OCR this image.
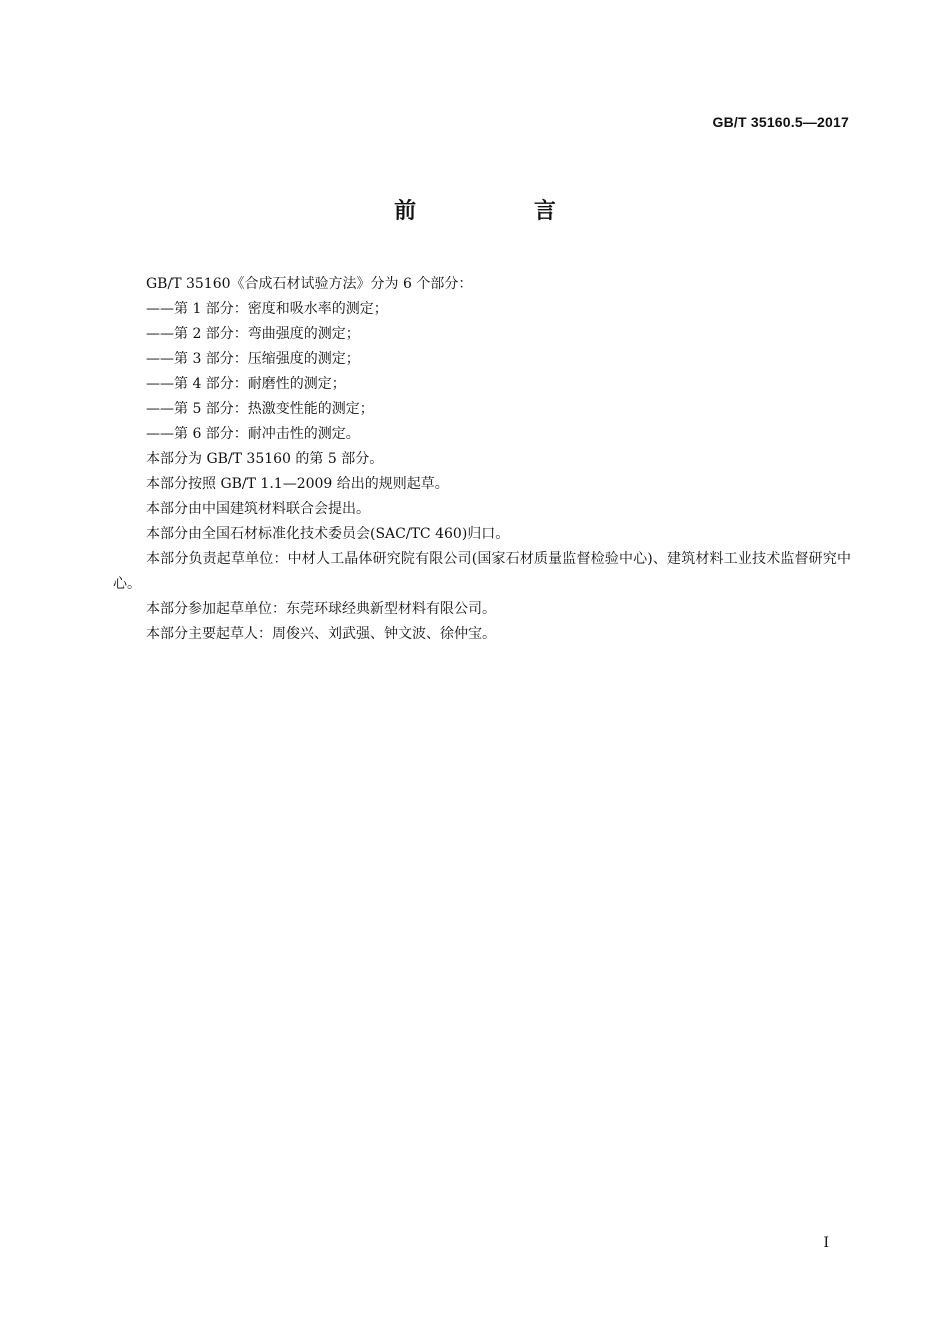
GB/T 35160.5—2017
前 言

GB/T 35160《合成石材试验方法》分为 6 个部分：

——第 1 部分：密度和吸水率的测定；

——第 2 部分：弯曲强度的测定；

——第 3 部分：压缩强度的测定；

——第 4 部分：耐磨性的测定；

——第 5 部分：热激变性能的测定；

——第 6 部分：耐冲击性的测定。

本部分为 GB/T 35160 的第 5 部分。

本部分按照 GB/T 1.1—2009 给出的规则起草。

本部分由中国建筑材料联合会提出。

本部分由全国石材标准化技术委员会(SAC/TC 460)归口。

本部分负责起草单位：中材人工晶体研究院有限公司(国家石材质量监督检验中心)、建筑材料工业技术监督研究中心。

本部分参加起草单位：东莞环球经典新型材料有限公司。

本部分主要起草人：周俊兴、刘武强、钟文波、徐仲宝。

I
